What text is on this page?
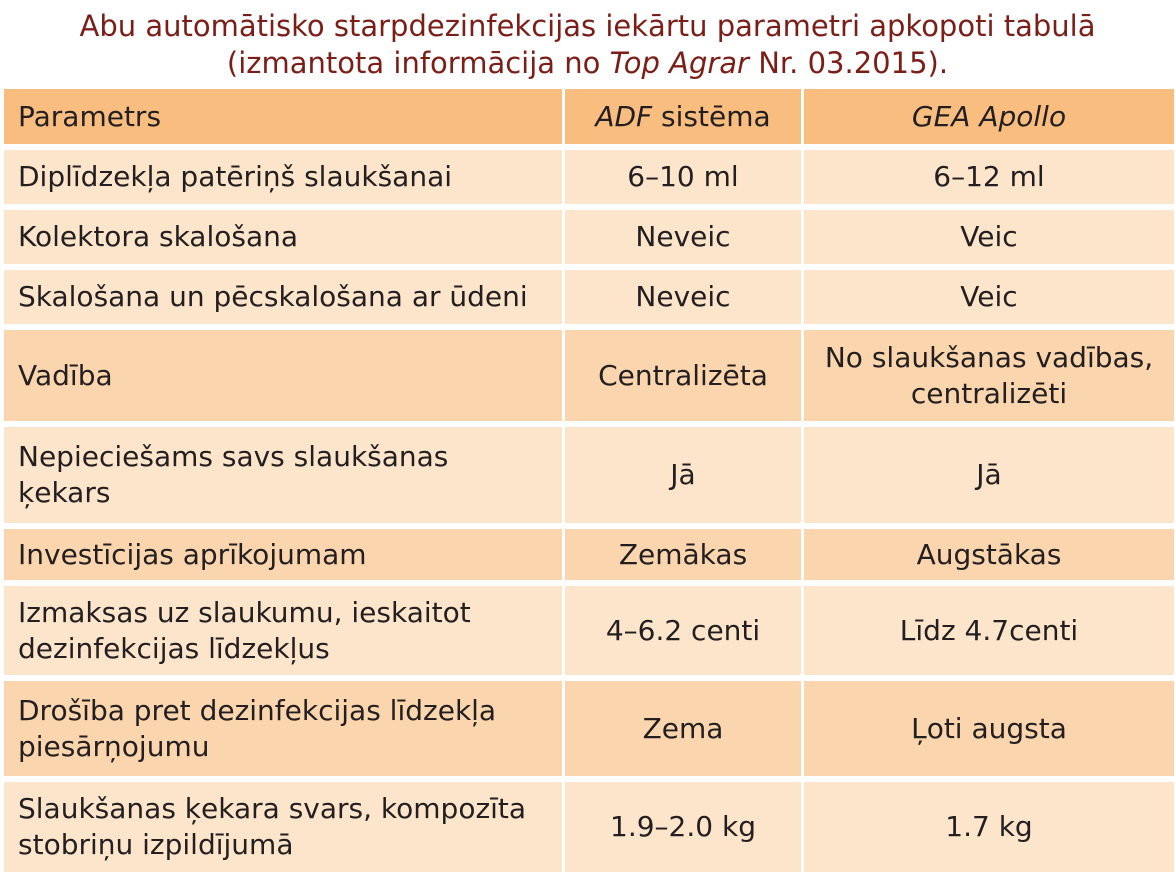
Abu automātisko starpdezinfekcijas iekārtu parametri apkopoti tabulā
(izmantota informācija no Top Agrar Nr. 03.2015).
Parametrs	ADF sistēma	GEA Apollo
Diplīdzekļa patēriņš slaukšanai	6–10 ml	6–12 ml
Kolektora skalošana	Neveic	Veic
Skalošana un pēcskalošana ar ūdeni	Neveic	Veic
Vadība	Centralizēta	No slaukšanas vadības, centralizēti
Nepieciešams savs slaukšanas ķekars	Jā	Jā
Investīcijas aprīkojumam	Zemākas	Augstākas
Izmaksas uz slaukumu, ieskaitot dezinfekcijas līdzekļus	4–6.2 centi	Līdz 4.7centi
Drošība pret dezinfekcijas līdzekļa piesārņojumu	Zema	Ļoti augsta
Slaukšanas ķekara svars, kompozīta stobriņu izpildījumā	1.9–2.0 kg	1.7 kg
